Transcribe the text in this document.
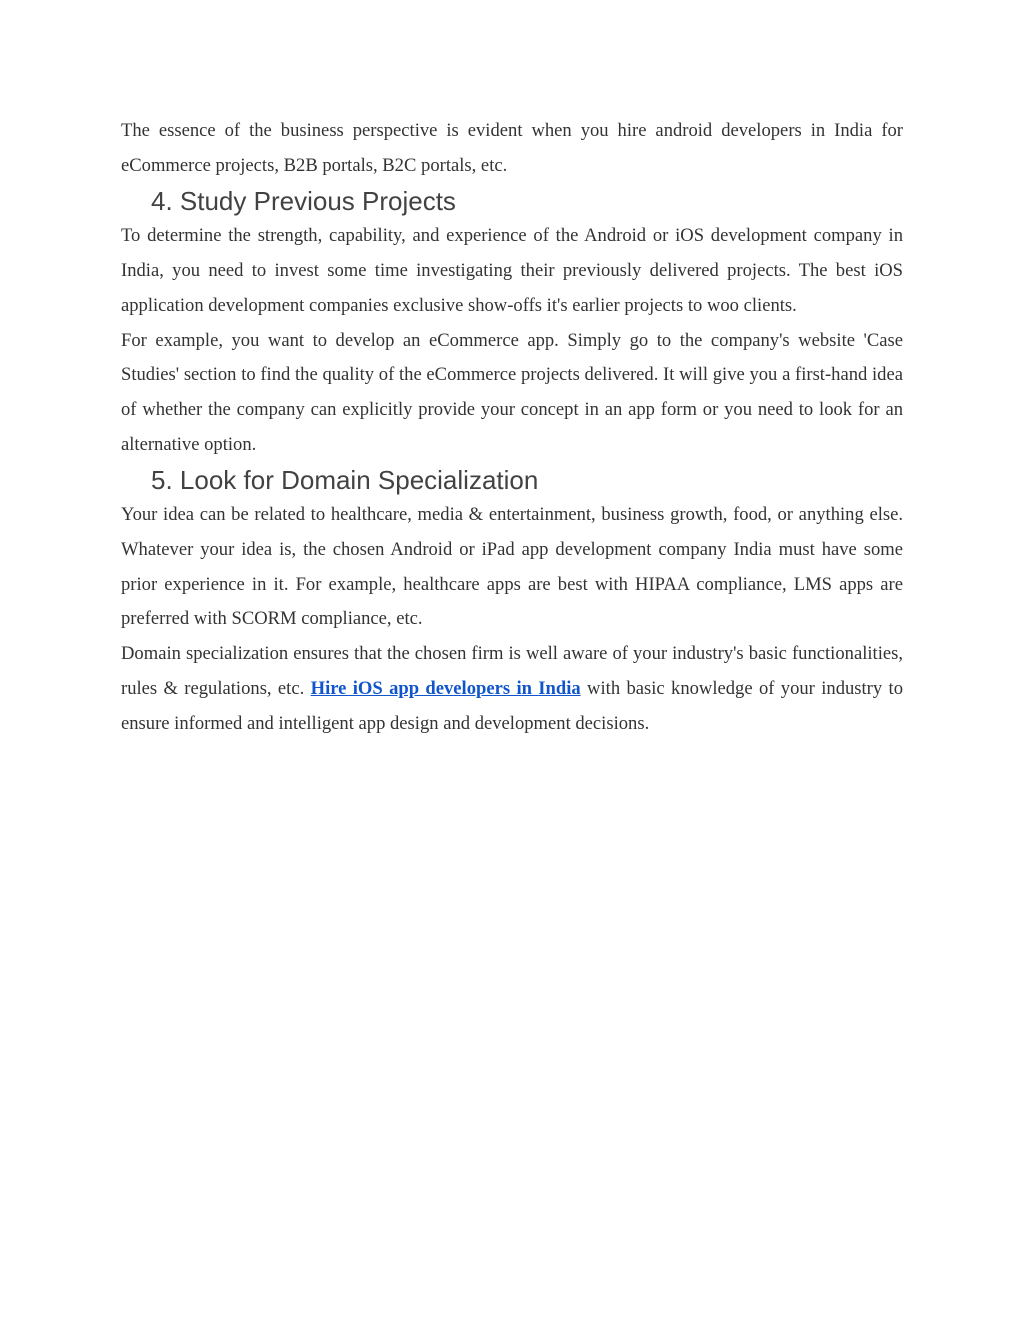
The essence of the business perspective is evident when you hire android developers in India for eCommerce projects, B2B portals, B2C portals, etc.

4. Study Previous Projects

To determine the strength, capability, and experience of the Android or iOS development company in India, you need to invest some time investigating their previously delivered projects. The best iOS application development companies exclusive show-offs it's earlier projects to woo clients.

For example, you want to develop an eCommerce app. Simply go to the company's website 'Case Studies' section to find the quality of the eCommerce projects delivered. It will give you a first-hand idea of whether the company can explicitly provide your concept in an app form or you need to look for an alternative option.

5. Look for Domain Specialization

Your idea can be related to healthcare, media & entertainment, business growth, food, or anything else. Whatever your idea is, the chosen Android or iPad app development company India must have some prior experience in it. For example, healthcare apps are best with HIPAA compliance, LMS apps are preferred with SCORM compliance, etc.

Domain specialization ensures that the chosen firm is well aware of your industry's basic functionalities, rules & regulations, etc. Hire iOS app developers in India with basic knowledge of your industry to ensure informed and intelligent app design and development decisions.
